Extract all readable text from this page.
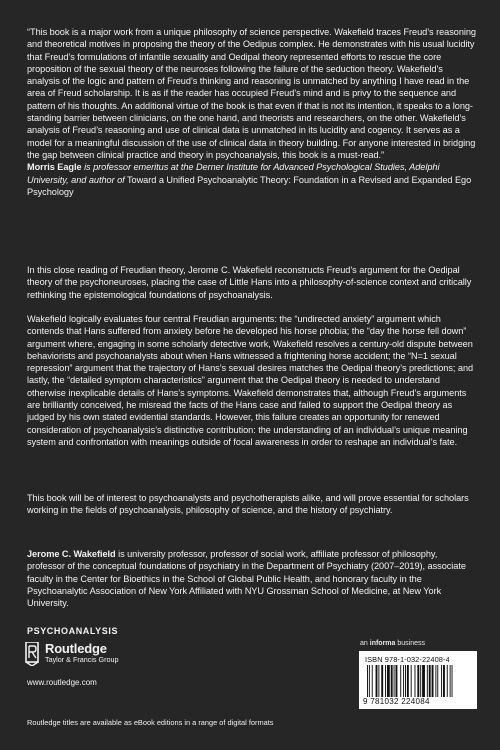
“This book is a major work from a unique philosophy of science perspective. Wakefield traces Freud’s reasoning and theoretical motives in proposing the theory of the Oedipus complex. He demonstrates with his usual lucidity that Freud’s formulations of infantile sexuality and Oedipal theory represented efforts to rescue the core proposition of the sexual theory of the neuroses following the failure of the seduction theory. Wakefield’s analysis of the logic and pattern of Freud’s thinking and reasoning is unmatched by anything I have read in the area of Freud scholarship. It is as if the reader has occupied Freud’s mind and is privy to the sequence and pattern of his thoughts. An additional virtue of the book is that even if that is not its intention, it speaks to a long-standing barrier between clinicians, on the one hand, and theorists and researchers, on the other. Wakefield’s analysis of Freud’s reasoning and use of clinical data is unmatched in its lucidity and cogency. It serves as a model for a meaningful discussion of the use of clinical data in theory building. For anyone interested in bridging the gap between clinical practice and theory in psychoanalysis, this book is a must-read.”

Morris Eagle is professor emeritus at the Derner Institute for Advanced Psychological Studies, Adelphi University, and author of Toward a Unified Psychoanalytic Theory: Foundation in a Revised and Expanded Ego Psychology

In this close reading of Freudian theory, Jerome C. Wakefield reconstructs Freud’s argument for the Oedipal theory of the psychoneuroses, placing the case of Little Hans into a philosophy-of-science context and critically rethinking the epistemological foundations of psychoanalysis.

Wakefield logically evaluates four central Freudian arguments: the “undirected anxiety” argument which contends that Hans suffered from anxiety before he developed his horse phobia; the “day the horse fell down” argument where, engaging in some scholarly detective work, Wakefield resolves a century-old dispute between behaviorists and psychoanalysts about when Hans witnessed a frightening horse accident; the “N=1 sexual repression” argument that the trajectory of Hans’s sexual desires matches the Oedipal theory’s predictions; and lastly, the “detailed symptom characteristics” argument that the Oedipal theory is needed to understand otherwise inexplicable details of Hans’s symptoms. Wakefield demonstrates that, although Freud’s arguments are brilliantly conceived, he misread the facts of the Hans case and failed to support the Oedipal theory as judged by his own stated evidential standards. However, this failure creates an opportunity for renewed consideration of psychoanalysis’s distinctive contribution: the understanding of an individual’s unique meaning system and confrontation with meanings outside of focal awareness in order to reshape an individual’s fate.

This book will be of interest to psychoanalysts and psychotherapists alike, and will prove essential for scholars working in the fields of psychoanalysis, philosophy of science, and the history of psychiatry.

Jerome C. Wakefield is university professor, professor of social work, affiliate professor of philosophy, professor of the conceptual foundations of psychiatry in the Department of Psychiatry (2007–2019), associate faculty in the Center for Bioethics in the School of Global Public Health, and honorary faculty in the Psychoanalytic Association of New York Affiliated with NYU Grossman School of Medicine, at New York University.

PSYCHOANALYSIS
Routledge
Taylor & Francis Group
www.routledge.com
Routledge titles are available as eBook editions in a range of digital formats
an informa business
ISBN 978-1-032-22408-4
9 781032 224084
